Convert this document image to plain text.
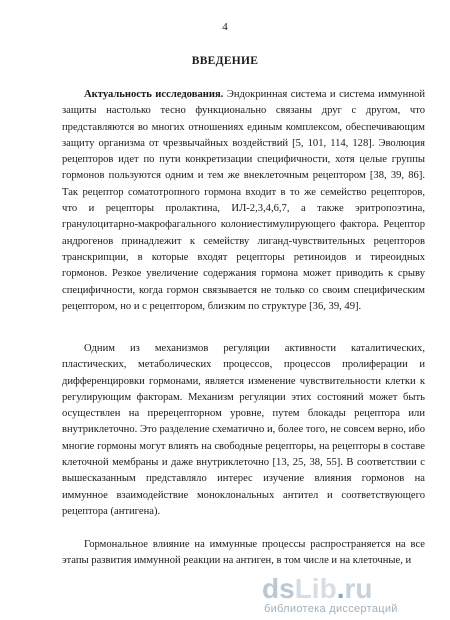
4
ВВЕДЕНИЕ

Актуальность исследования. Эндокринная система и система иммунной защиты настолько тесно функционально связаны друг с другом, что представляются во многих отношениях единым комплексом, обеспечивающим защиту организма от чрезвычайных воздействий [5, 101, 114, 128]. Эволюция рецепторов идет по пути конкретизации специфичности, хотя целые группы гормонов пользуются одним и тем же внеклеточным рецептором [38, 39, 86]. Так рецептор соматотропного гормона входит в то же семейство рецепторов, что и рецепторы пролактина, ИЛ-2,3,4,6,7, а также эритропоэтина, гранулоцитарно-макрофагального колониестимулирующего фактора. Рецептор андрогенов принадлежит к семейству лиганд-чувствительных рецепторов транскрипции, в которые входят рецепторы ретиноидов и тиреоидных гормонов. Резкое увеличение содержания гормона может приводить к срыву специфичности, когда гормон связывается не только со своим специфическим рецептором, но и с рецептором, близким по структуре [36, 39, 49].

Одним из механизмов регуляции активности каталитических, пластических, метаболических процессов, процессов пролиферации и дифференцировки гормонами, является изменение чувствительности клетки к регулирующим факторам. Механизм регуляции этих состояний может быть осуществлен на пререцепторном уровне, путем блокады рецептора или внутриклеточно. Это разделение схематично и, более того, не совсем верно, ибо многие гормоны могут влиять на свободные рецепторы, на рецепторы в составе клеточной мембраны и даже внутриклеточно [13, 25, 38, 55]. В соответствии с вышесказанным представляло интерес изучение влияния гормонов на иммунное взаимодействие моноклональных антител и соответствующего рецептора (антигена).

Гормональное влияние на иммунные процессы распространяется на все этапы развития иммунной реакции на антиген, в том числе и на клеточные, и

dsLib.ru
библиотека диссертаций
